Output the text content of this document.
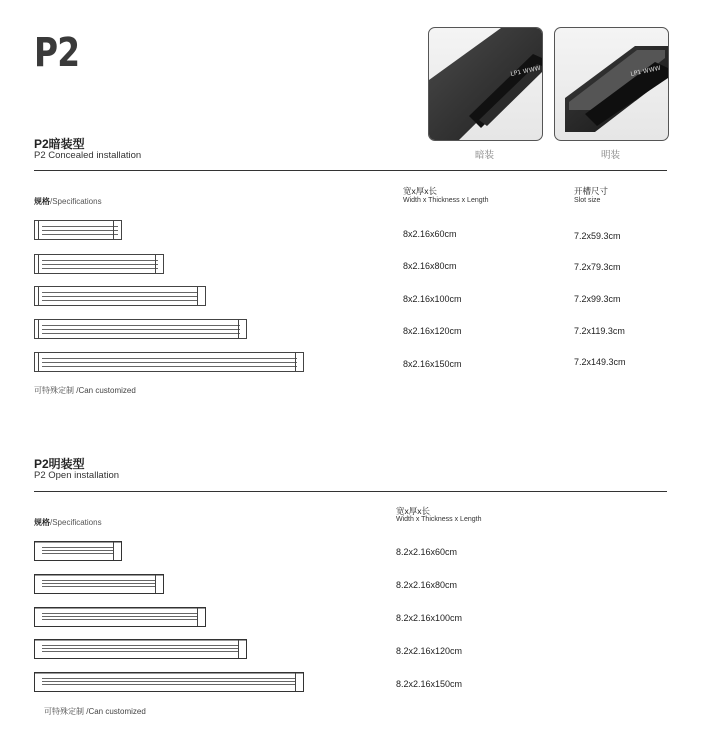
P2	LP1 WWW
暗装
LP1 WWW
明装
P2暗装型
P2 Concealed installation
规格/Specifications
宽x厚x长
Width x Thickness x Length
开槽尺寸
Slot size
8x2.16x60cm	7.2x59.3cm
8x2.16x80cm	7.2x79.3cm
8x2.16x100cm	7.2x99.3cm
8x2.16x120cm	7.2x119.3cm
8x2.16x150cm	7.2x149.3cm
可特殊定制 /Can customized
P2明装型
P2 Open installation
规格/Specifications
宽x厚x长
Width x Thickness x Length
8.2x2.16x60cm
8.2x2.16x80cm
8.2x2.16x100cm
8.2x2.16x120cm
8.2x2.16x150cm
可特殊定制 /Can customized
